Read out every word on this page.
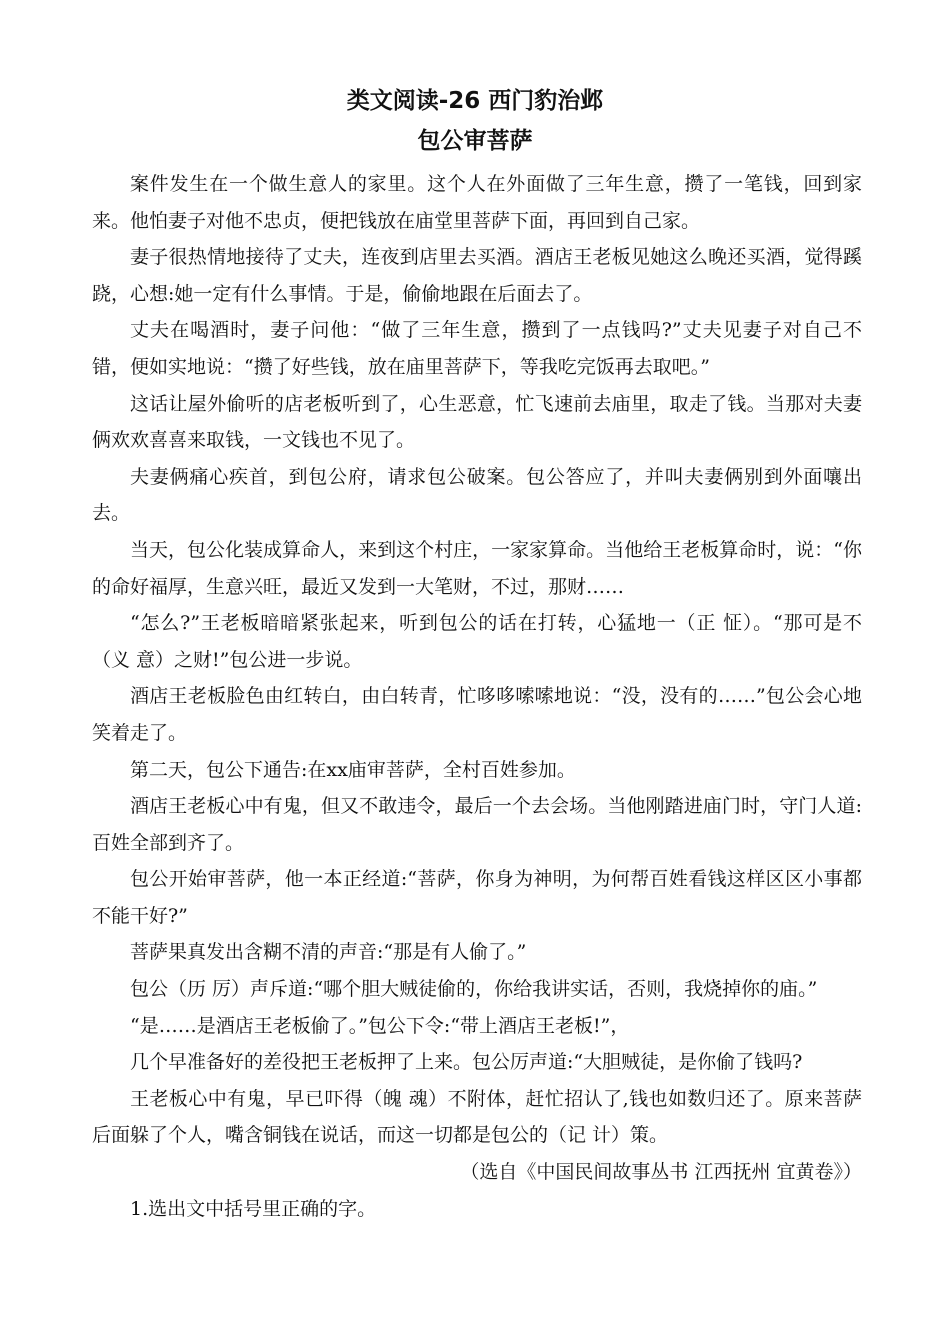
类文阅读-26 西门豹治邺
包公审菩萨

案件发生在一个做生意人的家里。这个人在外面做了三年生意，攒了一笔钱，回到家来。他怕妻子对他不忠贞，便把钱放在庙堂里菩萨下面，再回到自己家。

妻子很热情地接待了丈夫，连夜到店里去买酒。酒店王老板见她这么晚还买酒，觉得蹊跷，心想:她一定有什么事情。于是，偷偷地跟在后面去了。

丈夫在喝酒时，妻子问他：“做了三年生意，攒到了一点钱吗?”丈夫见妻子对自己不错，便如实地说：“攒了好些钱，放在庙里菩萨下，等我吃完饭再去取吧。”

这话让屋外偷听的店老板听到了，心生恶意，忙飞速前去庙里，取走了钱。当那对夫妻俩欢欢喜喜来取钱，一文钱也不见了。

夫妻俩痛心疾首，到包公府，请求包公破案。包公答应了，并叫夫妻俩别到外面嚷出去。

当天，包公化装成算命人，来到这个村庄，一家家算命。当他给王老板算命时，说：“你的命好福厚，生意兴旺，最近又发到一大笔财，不过，那财……

“怎么?”王老板暗暗紧张起来，听到包公的话在打转，心猛地一（正 怔）。“那可是不（义 意）之财!”包公进一步说。

酒店王老板脸色由红转白，由白转青，忙哆哆嗦嗦地说：“没，没有的……”包公会心地笑着走了。

第二天，包公下通告:在xx庙审菩萨，全村百姓参加。

酒店王老板心中有鬼，但又不敢违令，最后一个去会场。当他刚踏进庙门时，守门人道:百姓全部到齐了。

包公开始审菩萨，他一本正经道:“菩萨，你身为神明，为何帮百姓看钱这样区区小事都不能干好?”

菩萨果真发出含糊不清的声音:“那是有人偷了。”

包公（历 厉）声斥道:“哪个胆大贼徒偷的，你给我讲实话，否则，我烧掉你的庙。”

“是……是酒店王老板偷了。”包公下令:“带上酒店王老板!”，

几个早准备好的差役把王老板押了上来。包公厉声道:“大胆贼徒，是你偷了钱吗?

王老板心中有鬼，早已吓得（魄 魂）不附体，赶忙招认了,钱也如数归还了。原来菩萨后面躲了个人，嘴含铜钱在说话，而这一切都是包公的（记 计）策。

（选自《中国民间故事丛书 江西抚州 宜黄卷》）

1.选出文中括号里正确的字。
